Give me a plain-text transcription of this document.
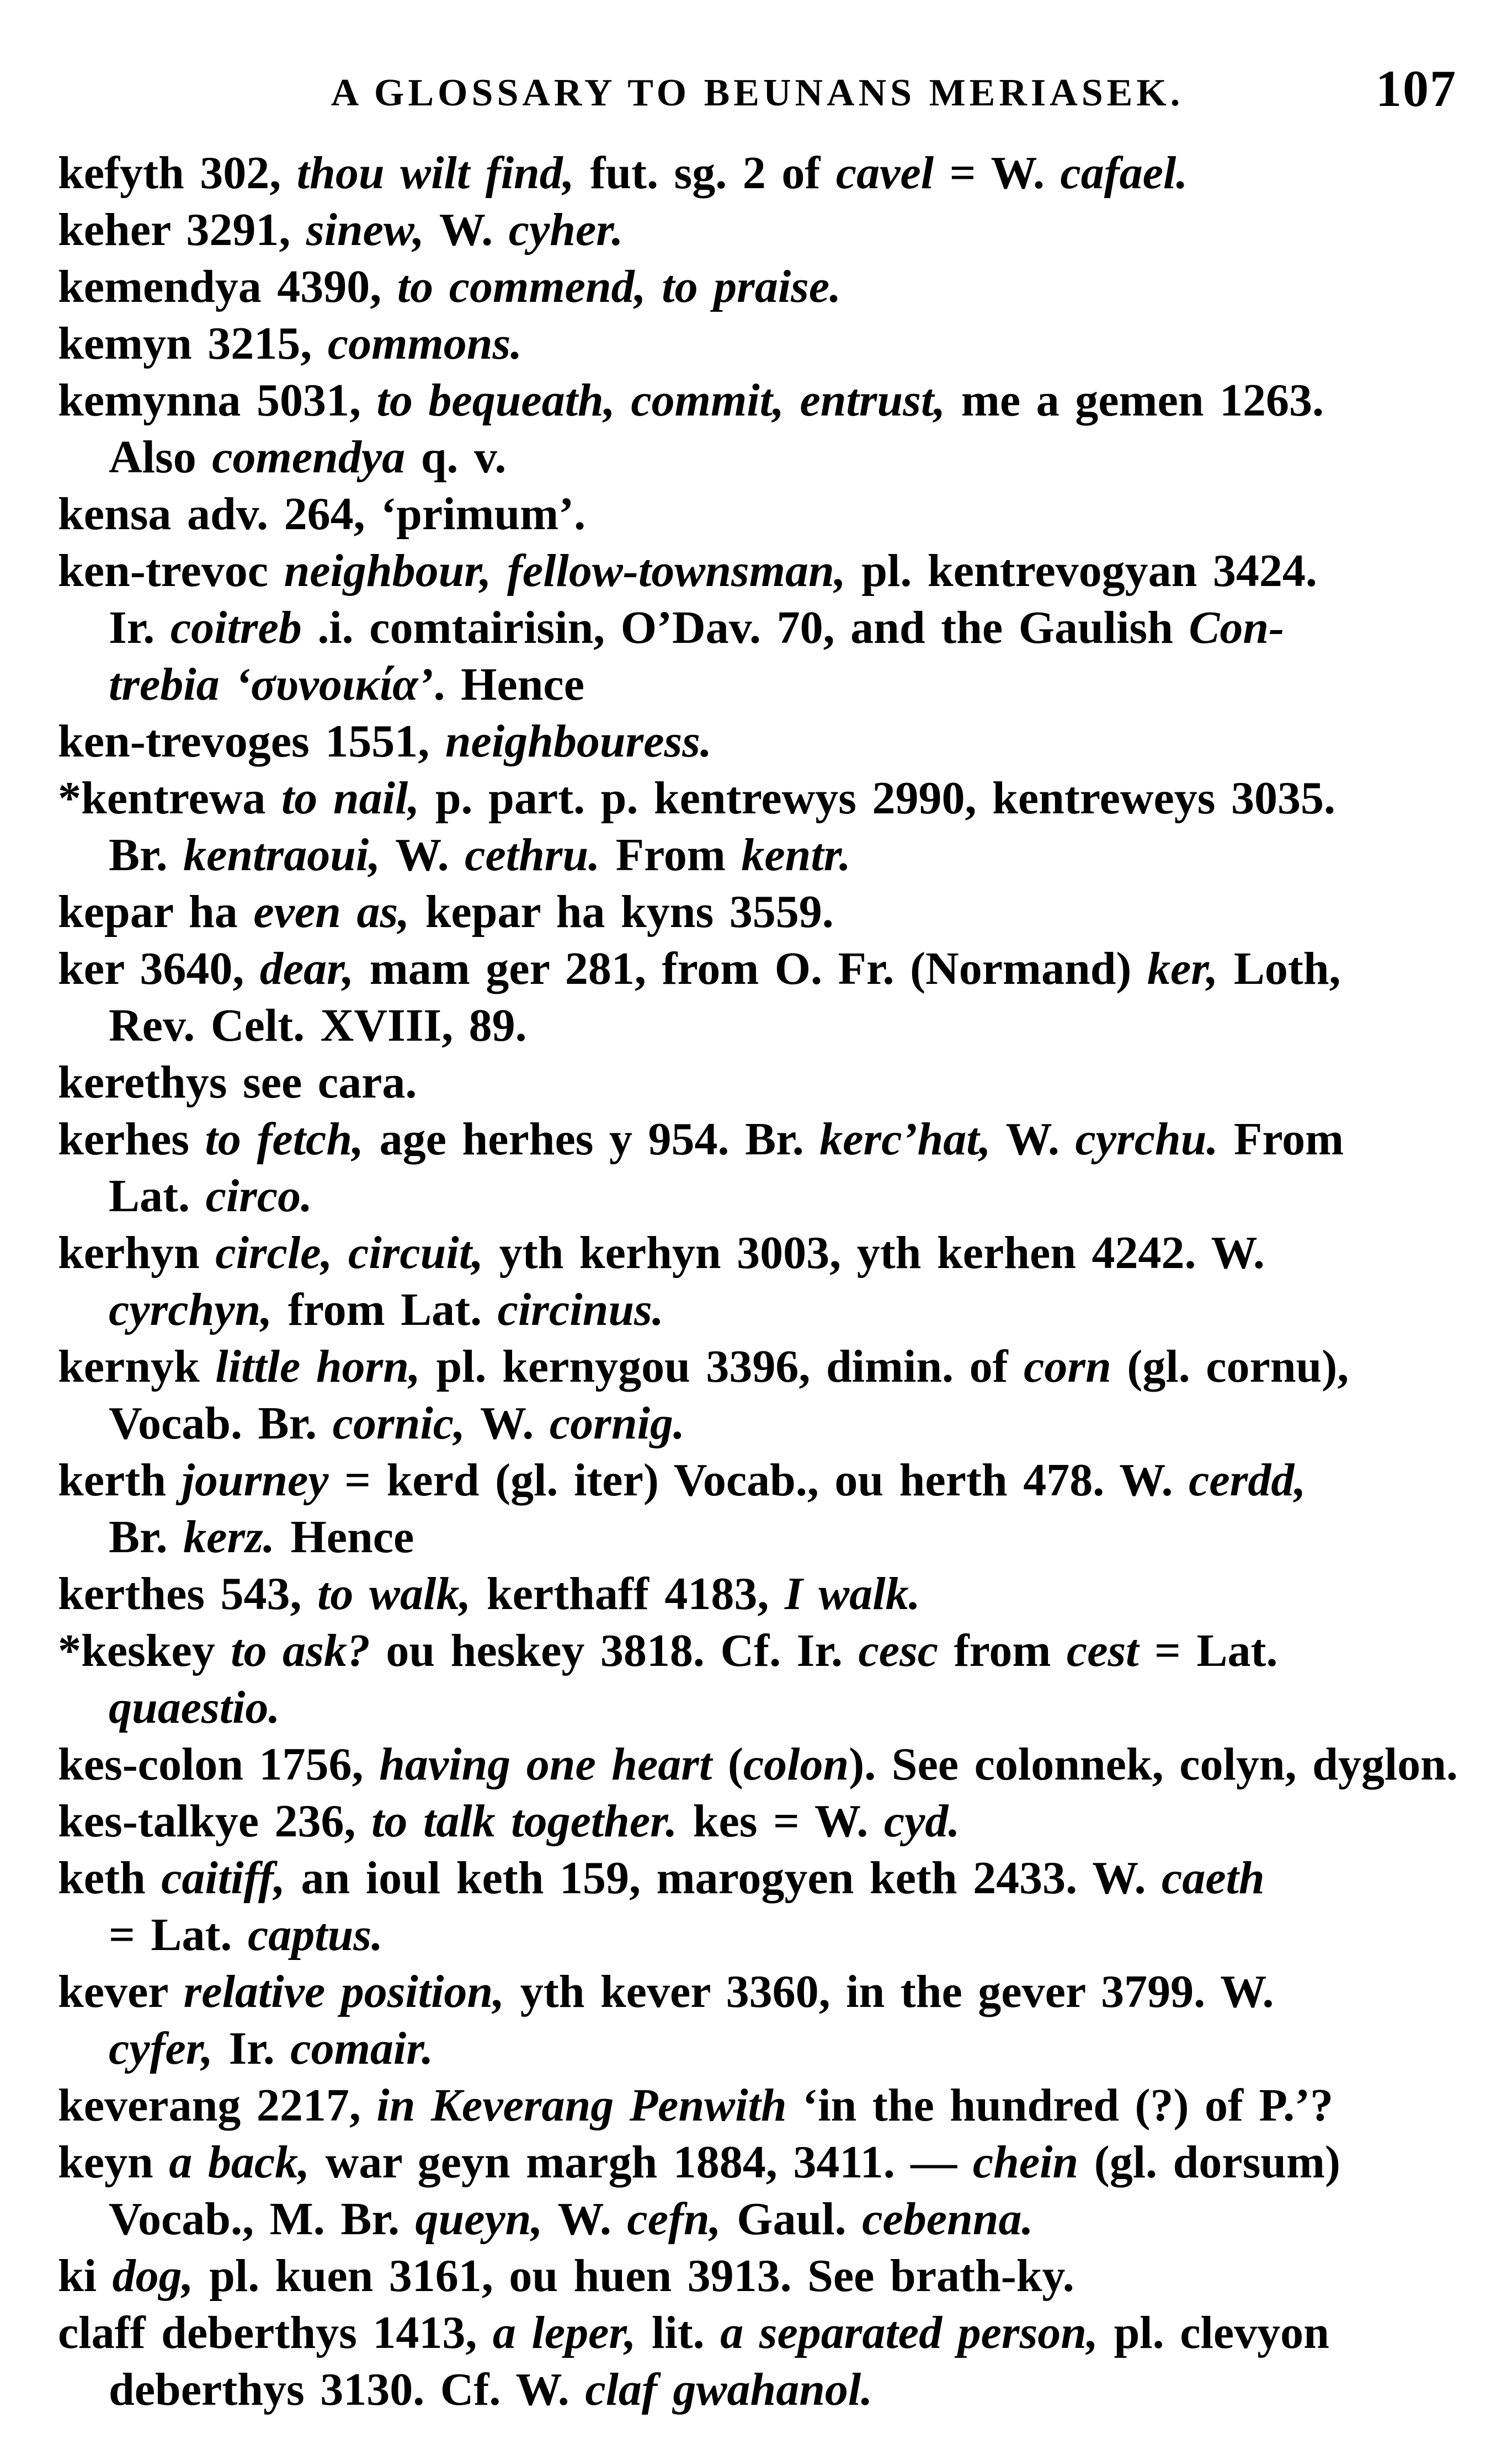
A GLOSSARY TO BEUNANS MERIASEK.	107
kefyth 302, thou wilt find, fut. sg. 2 of cavel = W. cafael.
keher 3291, sinew, W. cyher.
kemendya 4390, to commend, to praise.
kemyn 3215, commons.
kemynna 5031, to bequeath, commit, entrust, me a gemen 1263.
Also comendya q. v.
kensa adv. 264, ‘primum’.
ken-trevoc neighbour, fellow-townsman, pl. kentrevogyan 3424.
Ir. coitreb .i. comtairisin, O’Dav. 70, and the Gaulish Con-
trebia ‘συνοικία’. Hence
ken-trevoges 1551, neighbouress.
*kentrewa to nail, p. part. p. kentrewys 2990, kentreweys 3035.
Br. kentraoui, W. cethru. From kentr.
kepar ha even as, kepar ha kyns 3559.
ker 3640, dear, mam ger 281, from O. Fr. (Normand) ker, Loth,
Rev. Celt. XVIII, 89.
kerethys see cara.
kerhes to fetch, age herhes y 954. Br. kerc’hat, W. cyrchu. From
Lat. circo.
kerhyn circle, circuit, yth kerhyn 3003, yth kerhen 4242. W.
cyrchyn, from Lat. circinus.
kernyk little horn, pl. kernygou 3396, dimin. of corn (gl. cornu),
Vocab. Br. cornic, W. cornig.
kerth journey = kerd (gl. iter) Vocab., ou herth 478. W. cerdd,
Br. kerz. Hence
kerthes 543, to walk, kerthaff 4183, I walk.
*keskey to ask? ou heskey 3818. Cf. Ir. cesc from cest = Lat.
quaestio.
kes-colon 1756, having one heart (colon). See colonnek, colyn, dyglon.
kes-talkye 236, to talk together. kes = W. cyd.
keth caitiff, an ioul keth 159, marogyen keth 2433. W. caeth
= Lat. captus.
kever relative position, yth kever 3360, in the gever 3799. W.
cyfer, Ir. comair.
keverang 2217, in Keverang Penwith ‘in the hundred (?) of P.’?
keyn a back, war geyn margh 1884, 3411. — chein (gl. dorsum)
Vocab., M. Br. queyn, W. cefn, Gaul. cebenna.
ki dog, pl. kuen 3161, ou huen 3913. See brath-ky.
claff deberthys 1413, a leper, lit. a separated person, pl. clevyon
deberthys 3130. Cf. W. claf gwahanol.
